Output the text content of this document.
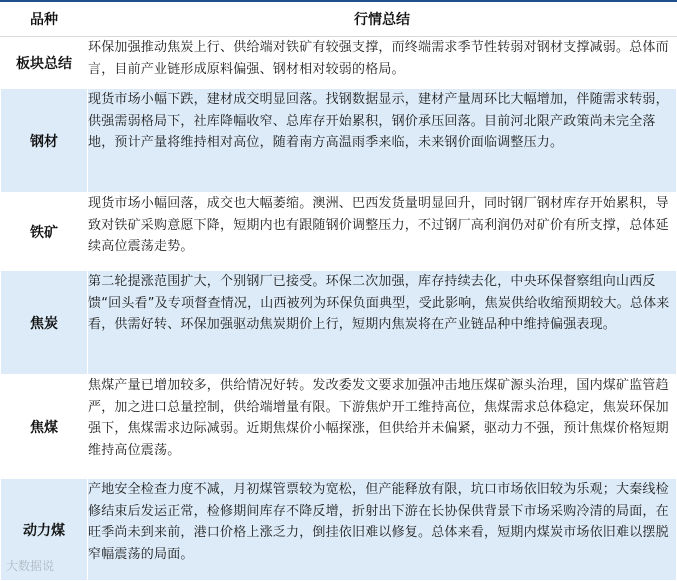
品种	行情总结
板块总结	环保加强推动焦炭上行、供给端对铁矿有较强支撑，而终端需求季节性转弱对钢材支撑减弱。总体而言，目前产业链形成原料偏强、钢材相对较弱的格局。
钢材	现货市场小幅下跌，建材成交明显回落。找钢数据显示，建材产量周环比大幅增加，伴随需求转弱，供强需弱格局下，社库降幅收窄、总库存开始累积，钢价承压回落。目前河北限产政策尚未完全落地，预计产量将维持相对高位，随着南方高温雨季来临，未来钢价面临调整压力。
铁矿	现货市场小幅回落，成交也大幅萎缩。澳洲、巴西发货量明显回升，同时钢厂钢材库存开始累积，导致对铁矿采购意愿下降，短期内也有跟随钢价调整压力，不过钢厂高利润仍对矿价有所支撑，总体延续高位震荡走势。
焦炭	第二轮提涨范围扩大，个别钢厂已接受。环保二次加强，库存持续去化，中央环保督察组向山西反馈“回头看”及专项督查情况，山西被列为环保负面典型，受此影响，焦炭供给收缩预期较大。总体来看，供需好转、环保加强驱动焦炭期价上行，短期内焦炭将在产业链品种中维持偏强表现。
焦煤	焦煤产量已增加较多，供给情况好转。发改委发文要求加强冲击地压煤矿源头治理，国内煤矿监管趋严，加之进口总量控制，供给端增量有限。下游焦炉开工维持高位，焦煤需求总体稳定，焦炭环保加强下，焦煤需求边际减弱。近期焦煤价小幅探涨，但供给并未偏紧，驱动力不强，预计焦煤价格短期维持高位震荡。
动力煤	产地安全检查力度不减，月初煤管票较为宽松，但产能释放有限，坑口市场依旧较为乐观；大秦线检修结束后发运正常，检修期间库存不降反增，折射出下游在长协保供背景下市场采购冷清的局面，在旺季尚未到来前，港口价格上涨乏力，倒挂依旧难以修复。总体来看，短期内煤炭市场依旧难以摆脱窄幅震荡的局面。
大数据说
